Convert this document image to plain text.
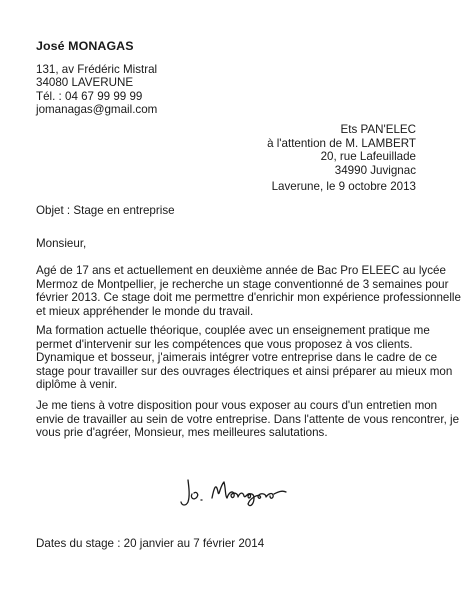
José MONAGAS
131, av Frédéric Mistral
34080 LAVERUNE
Tél. : 04 67 99 99 99
jomanagas@gmail.com
Ets PAN'ELEC
à l'attention de M. LAMBERT
20, rue Lafeuillade
34990 Juvignac
Laverune, le 9 octobre 2013
Objet : Stage en entreprise
Monsieur,
Agé de 17 ans et actuellement en deuxième année de Bac Pro ELEEC au lycée
Mermoz de Montpellier, je recherche un stage conventionné de 3 semaines pour
février 2013. Ce stage doit me permettre d'enrichir mon expérience professionnelle
et mieux appréhender le monde du travail.
Ma formation actuelle théorique, couplée avec un enseignement pratique me
permet d'intervenir sur les compétences que vous proposez à vos clients.
Dynamique et bosseur, j'aimerais intégrer votre entreprise dans le cadre de ce
stage pour travailler sur des ouvrages électriques et ainsi préparer au mieux mon
diplôme à venir.
Je me tiens à votre disposition pour vous exposer au cours d'un entretien mon
envie de travailler au sein de votre entreprise. Dans l'attente de vous rencontrer, je
vous prie d'agréer, Monsieur, mes meilleures salutations.
Dates du stage : 20 janvier au 7 février 2014
